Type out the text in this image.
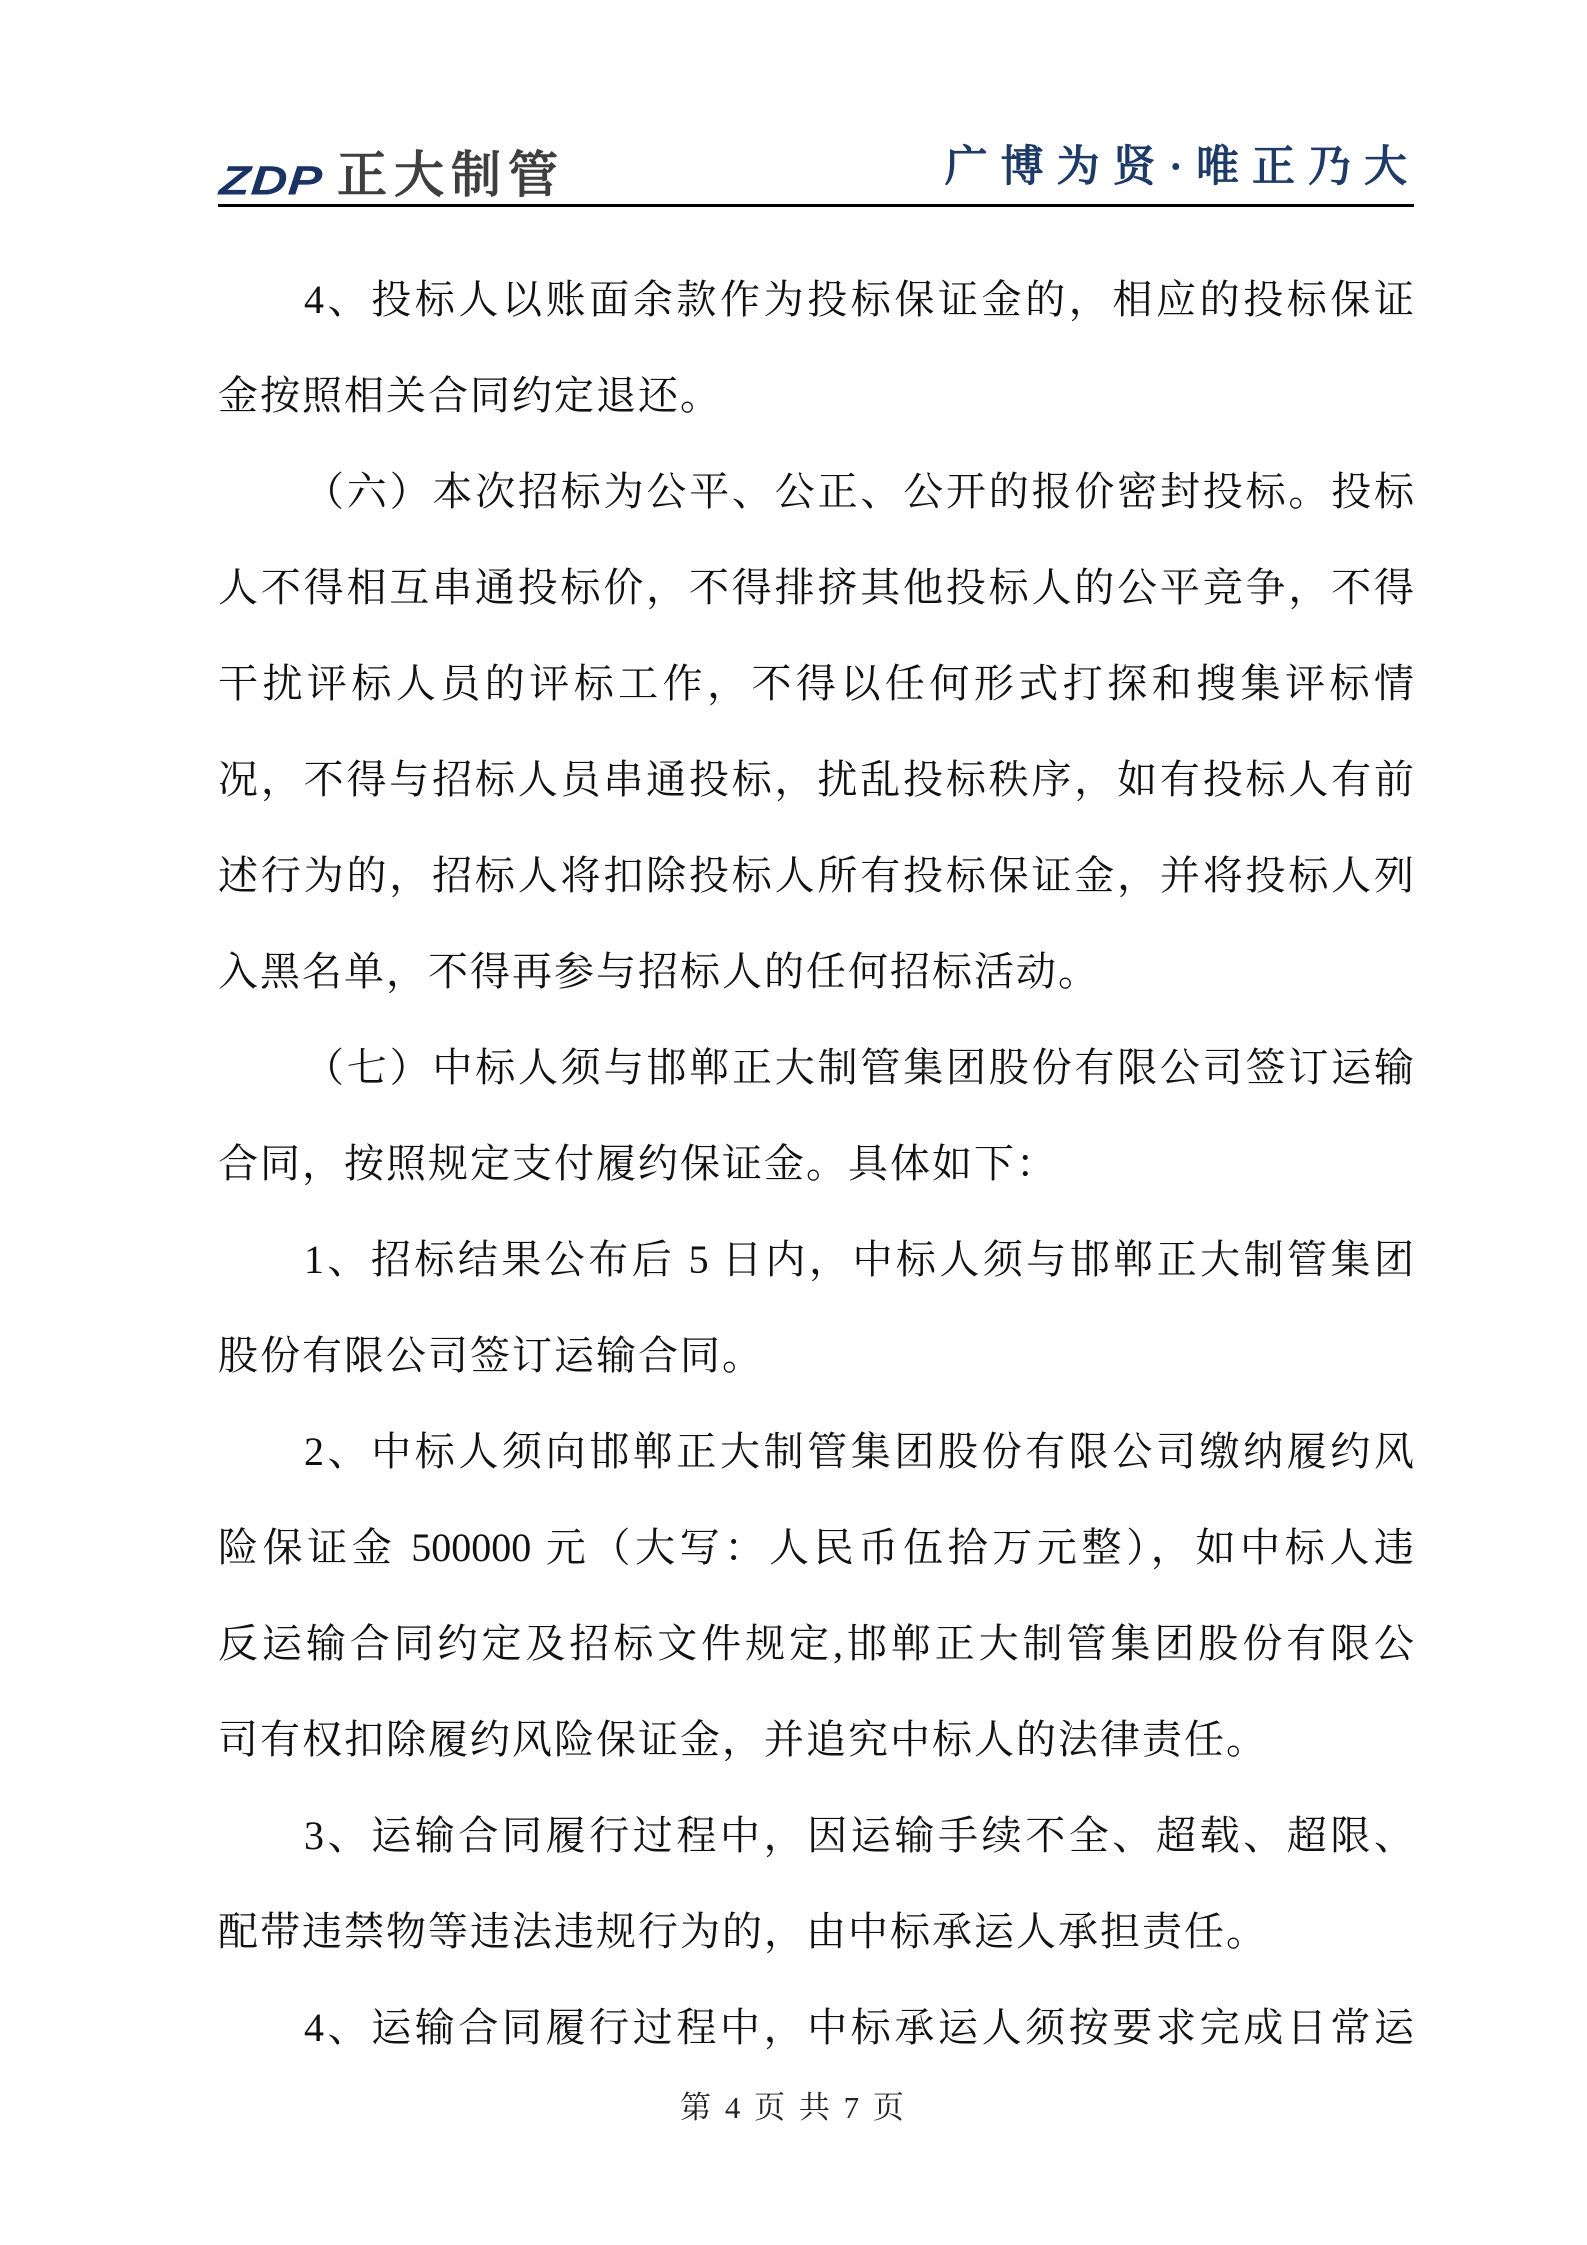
ZDP 正大制管	广博为贤·唯正乃大
4、投标人以账面余款作为投标保证金的，相应的投标保证
金按照相关合同约定退还。
（六）本次招标为公平、公正、公开的报价密封投标。投标
人不得相互串通投标价，不得排挤其他投标人的公平竞争，不得
干扰评标人员的评标工作，不得以任何形式打探和搜集评标情
况，不得与招标人员串通投标，扰乱投标秩序，如有投标人有前
述行为的，招标人将扣除投标人所有投标保证金，并将投标人列
入黑名单，不得再参与招标人的任何招标活动。
（七）中标人须与邯郸正大制管集团股份有限公司签订运输
合同，按照规定支付履约保证金。具体如下：
1、招标结果公布后 5 日内，中标人须与邯郸正大制管集团
股份有限公司签订运输合同。
2、中标人须向邯郸正大制管集团股份有限公司缴纳履约风
险保证金 500000 元（大写：人民币伍拾万元整），如中标人违
反运输合同约定及招标文件规定,邯郸正大制管集团股份有限公
司有权扣除履约风险保证金，并追究中标人的法律责任。
3、运输合同履行过程中，因运输手续不全、超载、超限、
配带违禁物等违法违规行为的，由中标承运人承担责任。
4、运输合同履行过程中，中标承运人须按要求完成日常运
第 4 页 共 7 页
